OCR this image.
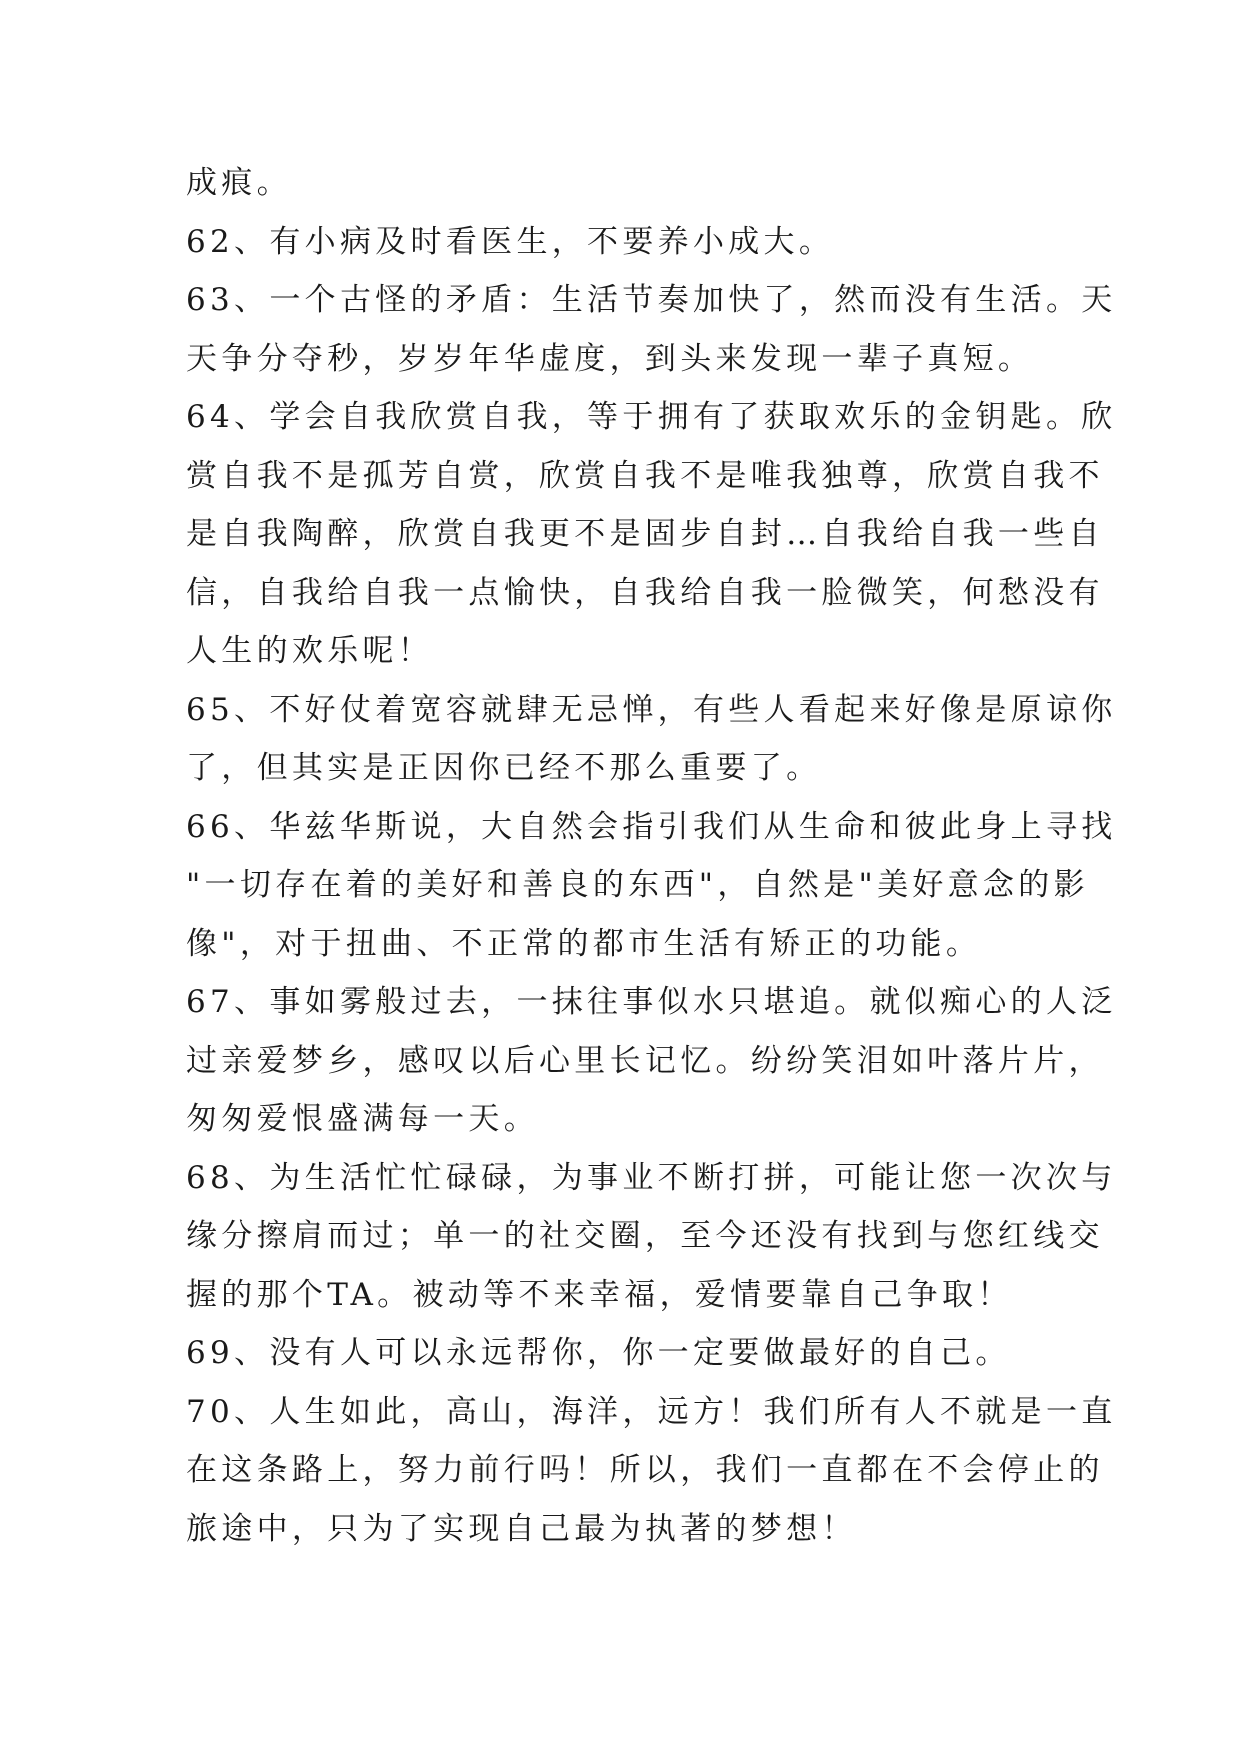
成痕。
62、有小病及时看医生，不要养小成大。
63、一个古怪的矛盾：生活节奏加快了，然而没有生活。天
天争分夺秒，岁岁年华虚度，到头来发现一辈子真短。
64、学会自我欣赏自我，等于拥有了获取欢乐的金钥匙。欣
赏自我不是孤芳自赏，欣赏自我不是唯我独尊，欣赏自我不
是自我陶醉，欣赏自我更不是固步自封…自我给自我一些自
信，自我给自我一点愉快，自我给自我一脸微笑，何愁没有
人生的欢乐呢！
65、不好仗着宽容就肆无忌惮，有些人看起来好像是原谅你
了，但其实是正因你已经不那么重要了。
66、华兹华斯说，大自然会指引我们从生命和彼此身上寻找
"一切存在着的美好和善良的东西"，自然是"美好意念的影
像"，对于扭曲、不正常的都市生活有矫正的功能。
67、事如雾般过去，一抹往事似水只堪追。就似痴心的人泛
过亲爱梦乡，感叹以后心里长记忆。纷纷笑泪如叶落片片，
匆匆爱恨盛满每一天。
68、为生活忙忙碌碌，为事业不断打拼，可能让您一次次与
缘分擦肩而过；单一的社交圈，至今还没有找到与您红线交
握的那个TA。被动等不来幸福，爱情要靠自己争取！
69、没有人可以永远帮你，你一定要做最好的自己。
70、人生如此，高山，海洋，远方！我们所有人不就是一直
在这条路上，努力前行吗！所以，我们一直都在不会停止的
旅途中，只为了实现自己最为执著的梦想！
